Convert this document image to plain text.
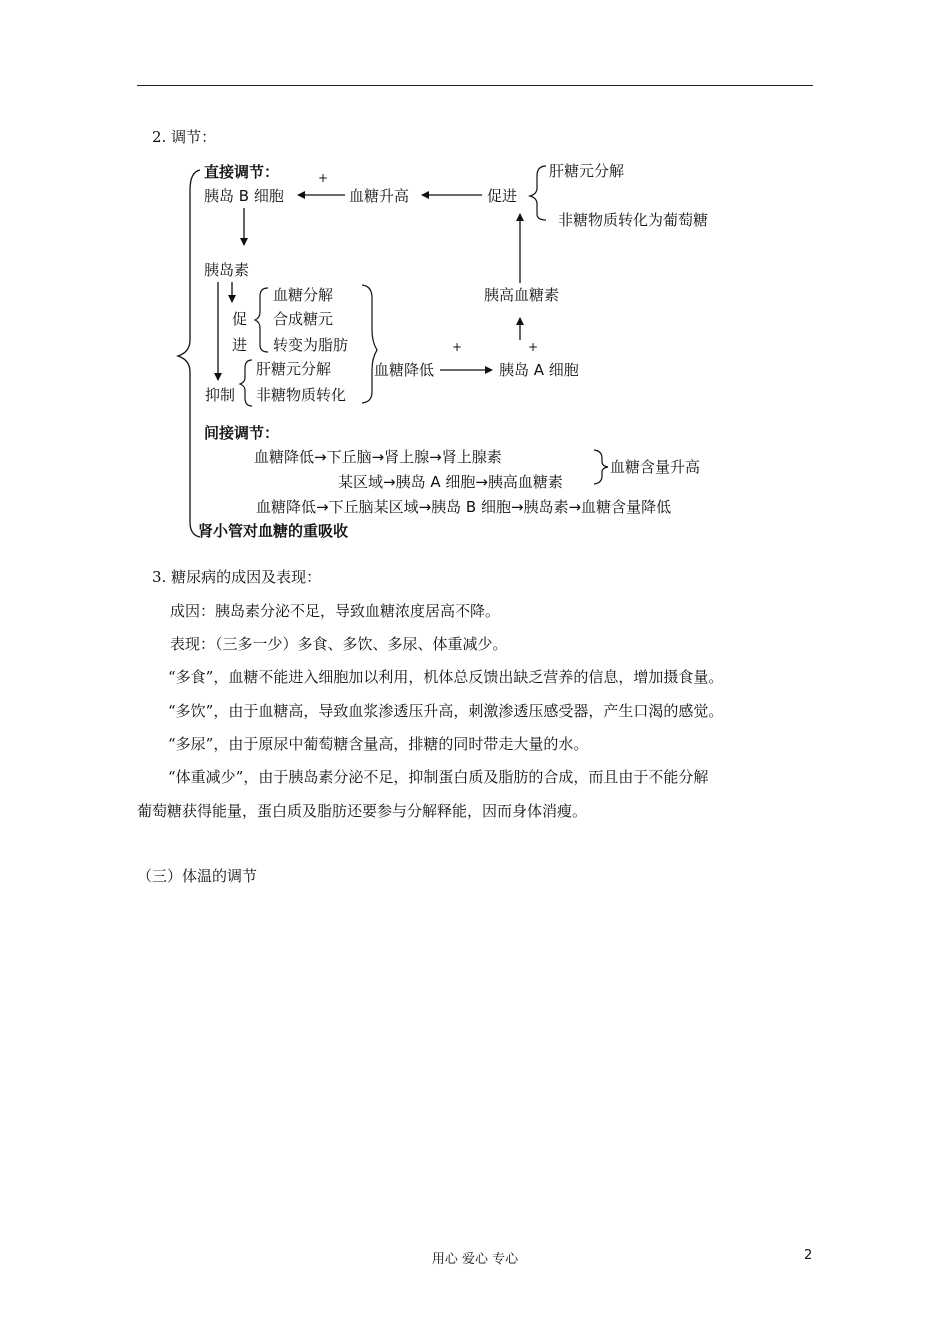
2. 调节：
直接调节：	+
胰岛 B 细胞	血糖升高	促进
肝糖元分解
非糖物质转化为葡萄糖
胰岛素
胰高血糖素
血糖分解
促 合成糖元
进 转变为脂肪	+	+
肝糖元分解	血糖降低	胰岛 A 细胞
抑制 非糖物质转化
间接调节：
血糖降低→下丘脑→肾上腺→肾上腺素
某区域→胰岛 A 细胞→胰高血糖素
血糖含量升高
血糖降低→下丘脑某区域→胰岛 B 细胞→胰岛素→血糖含量降低
肾小管对血糖的重吸收
3. 糖尿病的成因及表现：
成因：胰岛素分泌不足，导致血糖浓度居高不降。
表现：（三多一少）多食、多饮、多尿、体重减少。
“多食”，血糖不能进入细胞加以利用，机体总反馈出缺乏营养的信息，增加摄食量。
“多饮”，由于血糖高，导致血浆渗透压升高，刺激渗透压感受器，产生口渴的感觉。
“多尿”，由于原尿中葡萄糖含量高，排糖的同时带走大量的水。
“体重减少”，由于胰岛素分泌不足，抑制蛋白质及脂肪的合成，而且由于不能分解
葡萄糖获得能量，蛋白质及脂肪还要参与分解释能，因而身体消瘦。
（三）体温的调节
用心 爱心 专心	2
